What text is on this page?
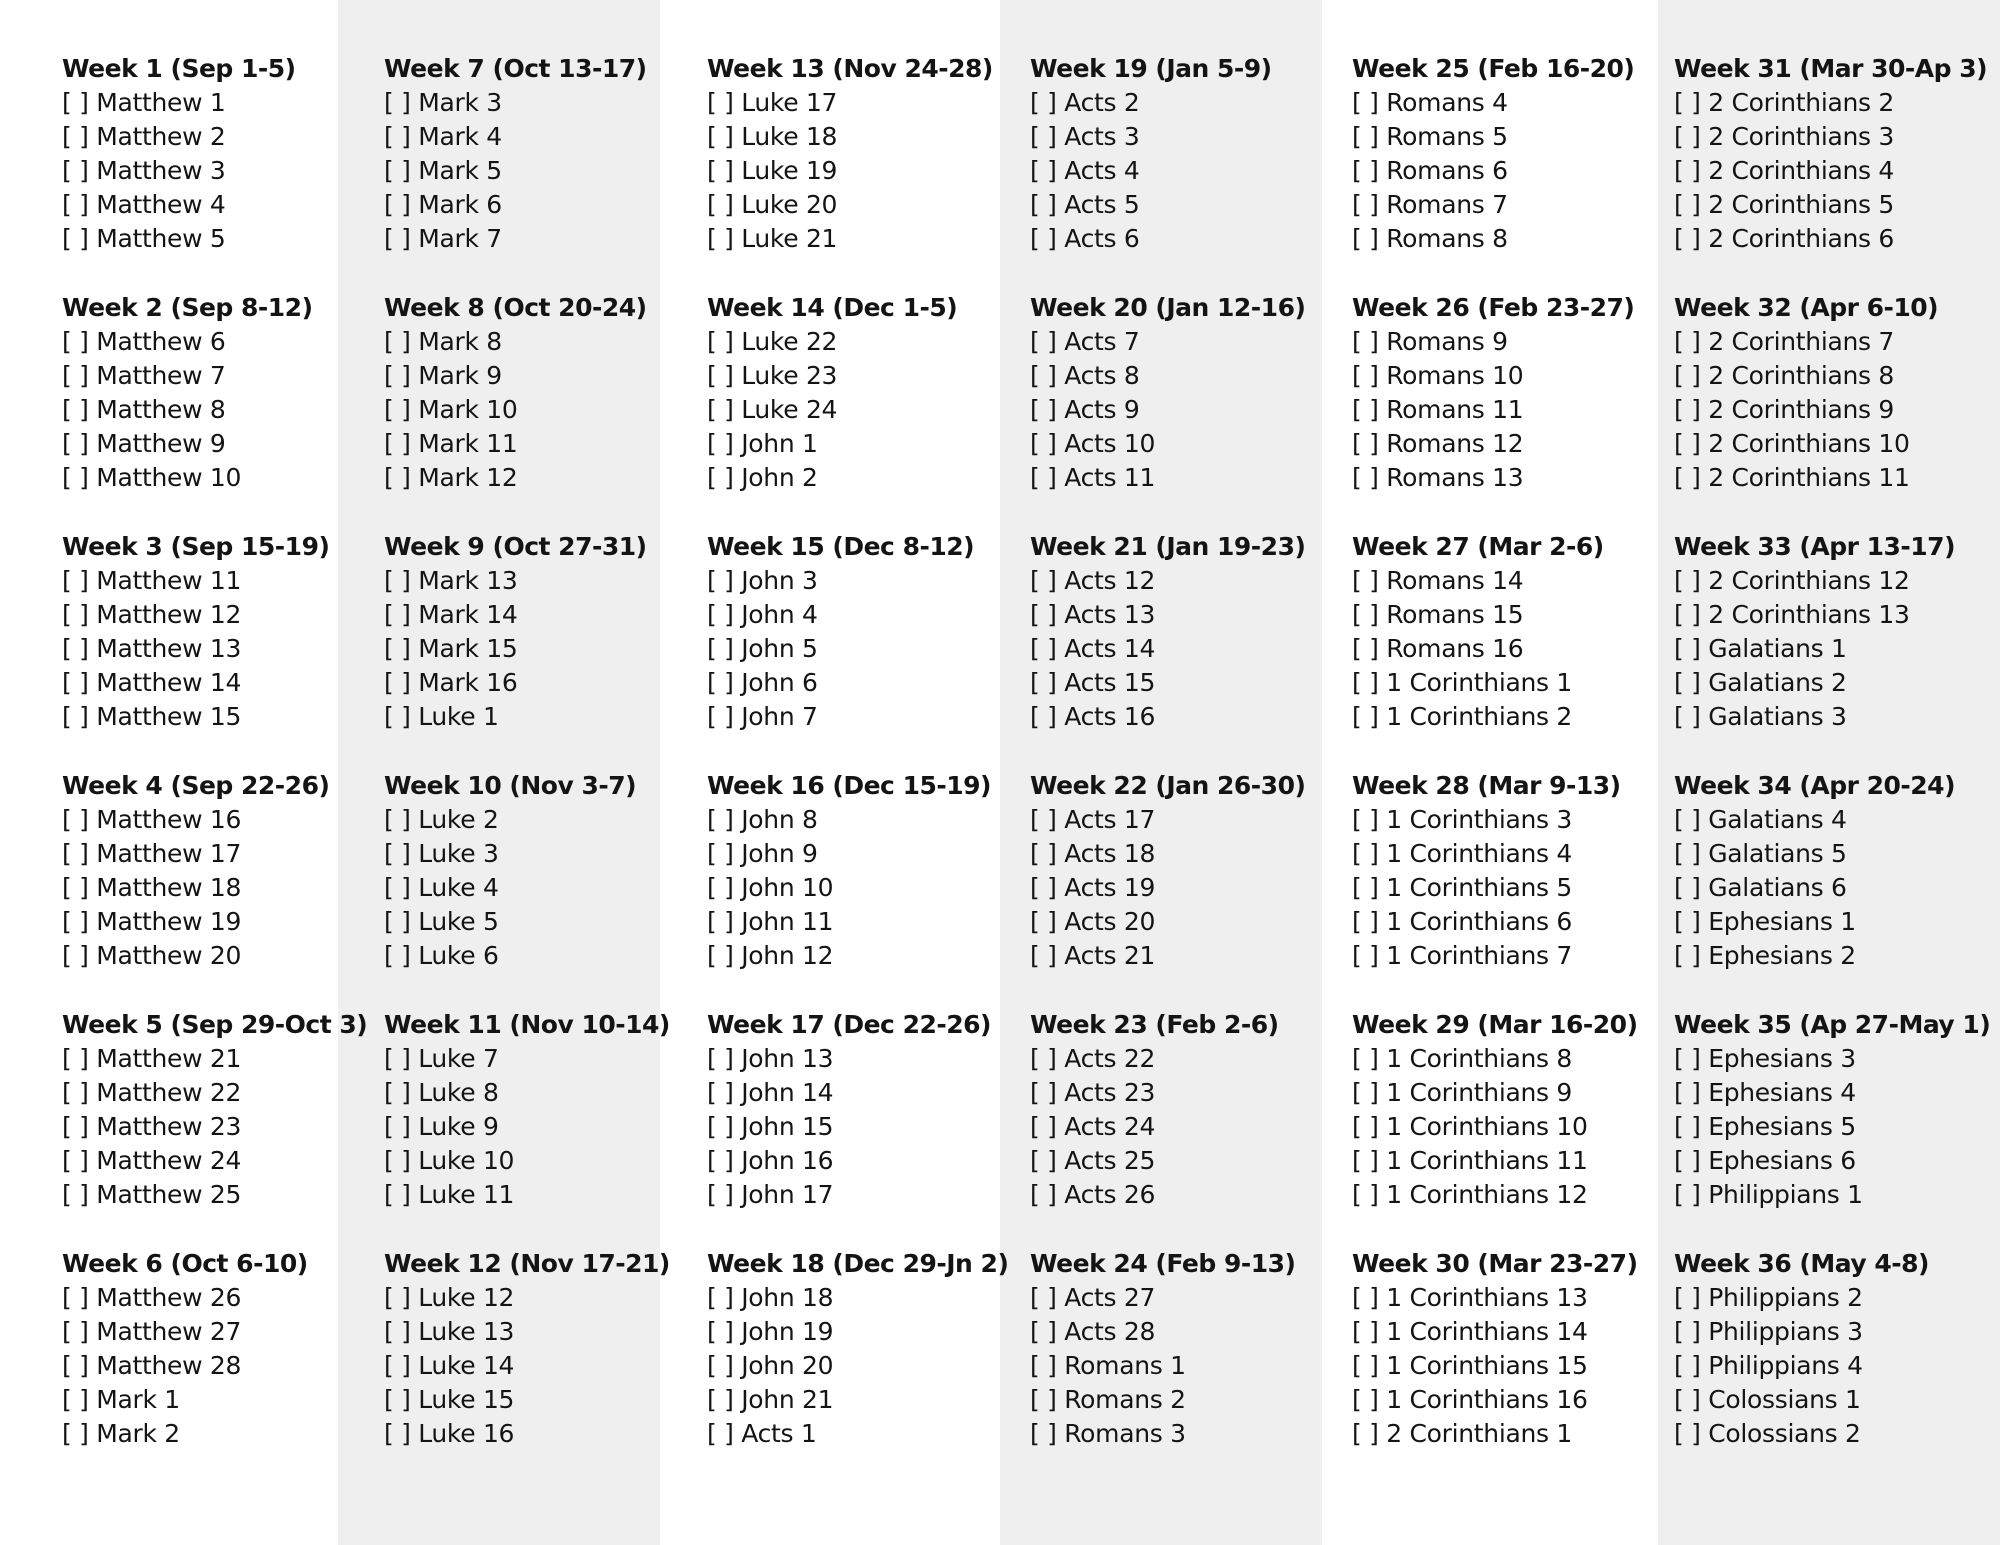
Week 1 (Sep 1-5)
[ ] Matthew 1
[ ] Matthew 2
[ ] Matthew 3
[ ] Matthew 4
[ ] Matthew 5
Week 2 (Sep 8-12)
[ ] Matthew 6
[ ] Matthew 7
[ ] Matthew 8
[ ] Matthew 9
[ ] Matthew 10
Week 3 (Sep 15-19)
[ ] Matthew 11
[ ] Matthew 12
[ ] Matthew 13
[ ] Matthew 14
[ ] Matthew 15
Week 4 (Sep 22-26)
[ ] Matthew 16
[ ] Matthew 17
[ ] Matthew 18
[ ] Matthew 19
[ ] Matthew 20
Week 5 (Sep 29-Oct 3)
[ ] Matthew 21
[ ] Matthew 22
[ ] Matthew 23
[ ] Matthew 24
[ ] Matthew 25
Week 6 (Oct 6-10)
[ ] Matthew 26
[ ] Matthew 27
[ ] Matthew 28
[ ] Mark 1
[ ] Mark 2
Week 7 (Oct 13-17)
[ ] Mark 3
[ ] Mark 4
[ ] Mark 5
[ ] Mark 6
[ ] Mark 7
Week 8 (Oct 20-24)
[ ] Mark 8
[ ] Mark 9
[ ] Mark 10
[ ] Mark 11
[ ] Mark 12
Week 9 (Oct 27-31)
[ ] Mark 13
[ ] Mark 14
[ ] Mark 15
[ ] Mark 16
[ ] Luke 1
Week 10 (Nov 3-7)
[ ] Luke 2
[ ] Luke 3
[ ] Luke 4
[ ] Luke 5
[ ] Luke 6
Week 11 (Nov 10-14)
[ ] Luke 7
[ ] Luke 8
[ ] Luke 9
[ ] Luke 10
[ ] Luke 11
Week 12 (Nov 17-21)
[ ] Luke 12
[ ] Luke 13
[ ] Luke 14
[ ] Luke 15
[ ] Luke 16
Week 13 (Nov 24-28)
[ ] Luke 17
[ ] Luke 18
[ ] Luke 19
[ ] Luke 20
[ ] Luke 21
Week 14 (Dec 1-5)
[ ] Luke 22
[ ] Luke 23
[ ] Luke 24
[ ] John 1
[ ] John 2
Week 15 (Dec 8-12)
[ ] John 3
[ ] John 4
[ ] John 5
[ ] John 6
[ ] John 7
Week 16 (Dec 15-19)
[ ] John 8
[ ] John 9
[ ] John 10
[ ] John 11
[ ] John 12
Week 17 (Dec 22-26)
[ ] John 13
[ ] John 14
[ ] John 15
[ ] John 16
[ ] John 17
Week 18 (Dec 29-Jn 2)
[ ] John 18
[ ] John 19
[ ] John 20
[ ] John 21
[ ] Acts 1
Week 19 (Jan 5-9)
[ ] Acts 2
[ ] Acts 3
[ ] Acts 4
[ ] Acts 5
[ ] Acts 6
Week 20 (Jan 12-16)
[ ] Acts 7
[ ] Acts 8
[ ] Acts 9
[ ] Acts 10
[ ] Acts 11
Week 21 (Jan 19-23)
[ ] Acts 12
[ ] Acts 13
[ ] Acts 14
[ ] Acts 15
[ ] Acts 16
Week 22 (Jan 26-30)
[ ] Acts 17
[ ] Acts 18
[ ] Acts 19
[ ] Acts 20
[ ] Acts 21
Week 23 (Feb 2-6)
[ ] Acts 22
[ ] Acts 23
[ ] Acts 24
[ ] Acts 25
[ ] Acts 26
Week 24 (Feb 9-13)
[ ] Acts 27
[ ] Acts 28
[ ] Romans 1
[ ] Romans 2
[ ] Romans 3
Week 25 (Feb 16-20)
[ ] Romans 4
[ ] Romans 5
[ ] Romans 6
[ ] Romans 7
[ ] Romans 8
Week 26 (Feb 23-27)
[ ] Romans 9
[ ] Romans 10
[ ] Romans 11
[ ] Romans 12
[ ] Romans 13
Week 27 (Mar 2-6)
[ ] Romans 14
[ ] Romans 15
[ ] Romans 16
[ ] 1 Corinthians 1
[ ] 1 Corinthians 2
Week 28 (Mar 9-13)
[ ] 1 Corinthians 3
[ ] 1 Corinthians 4
[ ] 1 Corinthians 5
[ ] 1 Corinthians 6
[ ] 1 Corinthians 7
Week 29 (Mar 16-20)
[ ] 1 Corinthians 8
[ ] 1 Corinthians 9
[ ] 1 Corinthians 10
[ ] 1 Corinthians 11
[ ] 1 Corinthians 12
Week 30 (Mar 23-27)
[ ] 1 Corinthians 13
[ ] 1 Corinthians 14
[ ] 1 Corinthians 15
[ ] 1 Corinthians 16
[ ] 2 Corinthians 1
Week 31 (Mar 30-Ap 3)
[ ] 2 Corinthians 2
[ ] 2 Corinthians 3
[ ] 2 Corinthians 4
[ ] 2 Corinthians 5
[ ] 2 Corinthians 6
Week 32 (Apr 6-10)
[ ] 2 Corinthians 7
[ ] 2 Corinthians 8
[ ] 2 Corinthians 9
[ ] 2 Corinthians 10
[ ] 2 Corinthians 11
Week 33 (Apr 13-17)
[ ] 2 Corinthians 12
[ ] 2 Corinthians 13
[ ] Galatians 1
[ ] Galatians 2
[ ] Galatians 3
Week 34 (Apr 20-24)
[ ] Galatians 4
[ ] Galatians 5
[ ] Galatians 6
[ ] Ephesians 1
[ ] Ephesians 2
Week 35 (Ap 27-May 1)
[ ] Ephesians 3
[ ] Ephesians 4
[ ] Ephesians 5
[ ] Ephesians 6
[ ] Philippians 1
Week 36 (May 4-8)
[ ] Philippians 2
[ ] Philippians 3
[ ] Philippians 4
[ ] Colossians 1
[ ] Colossians 2
